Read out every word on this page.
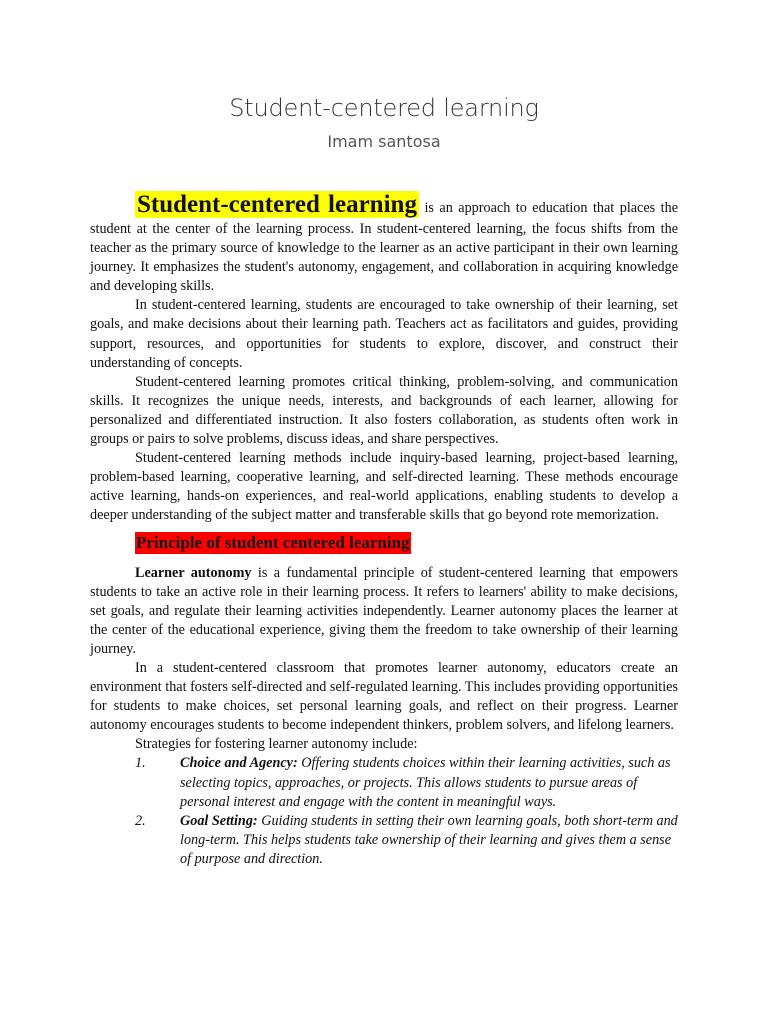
Student-centered learning
Imam santosa

Student-centered learning is an approach to education that places the student at the center of the learning process. In student-centered learning, the focus shifts from the teacher as the primary source of knowledge to the learner as an active participant in their own learning journey. It emphasizes the student's autonomy, engagement, and collaboration in acquiring knowledge and developing skills.

In student-centered learning, students are encouraged to take ownership of their learning, set goals, and make decisions about their learning path. Teachers act as facilitators and guides, providing support, resources, and opportunities for students to explore, discover, and construct their understanding of concepts.

Student-centered learning promotes critical thinking, problem-solving, and communication skills. It recognizes the unique needs, interests, and backgrounds of each learner, allowing for personalized and differentiated instruction. It also fosters collaboration, as students often work in groups or pairs to solve problems, discuss ideas, and share perspectives.

Student-centered learning methods include inquiry-based learning, project-based learning, problem-based learning, cooperative learning, and self-directed learning. These methods encourage active learning, hands-on experiences, and real-world applications, enabling students to develop a deeper understanding of the subject matter and transferable skills that go beyond rote memorization.

Principle of student centered learning

Learner autonomy is a fundamental principle of student-centered learning that empowers students to take an active role in their learning process. It refers to learners' ability to make decisions, set goals, and regulate their learning activities independently. Learner autonomy places the learner at the center of the educational experience, giving them the freedom to take ownership of their learning journey.

In a student-centered classroom that promotes learner autonomy, educators create an environment that fosters self-directed and self-regulated learning. This includes providing opportunities for students to make choices, set personal learning goals, and reflect on their progress. Learner autonomy encourages students to become independent thinkers, problem solvers, and lifelong learners.

Strategies for fostering learner autonomy include:

1.	Choice and Agency: Offering students choices within their learning activities, such as selecting topics, approaches, or projects. This allows students to pursue areas of personal interest and engage with the content in meaningful ways.
2.	Goal Setting: Guiding students in setting their own learning goals, both short-term and long-term. This helps students take ownership of their learning and gives them a sense of purpose and direction.
